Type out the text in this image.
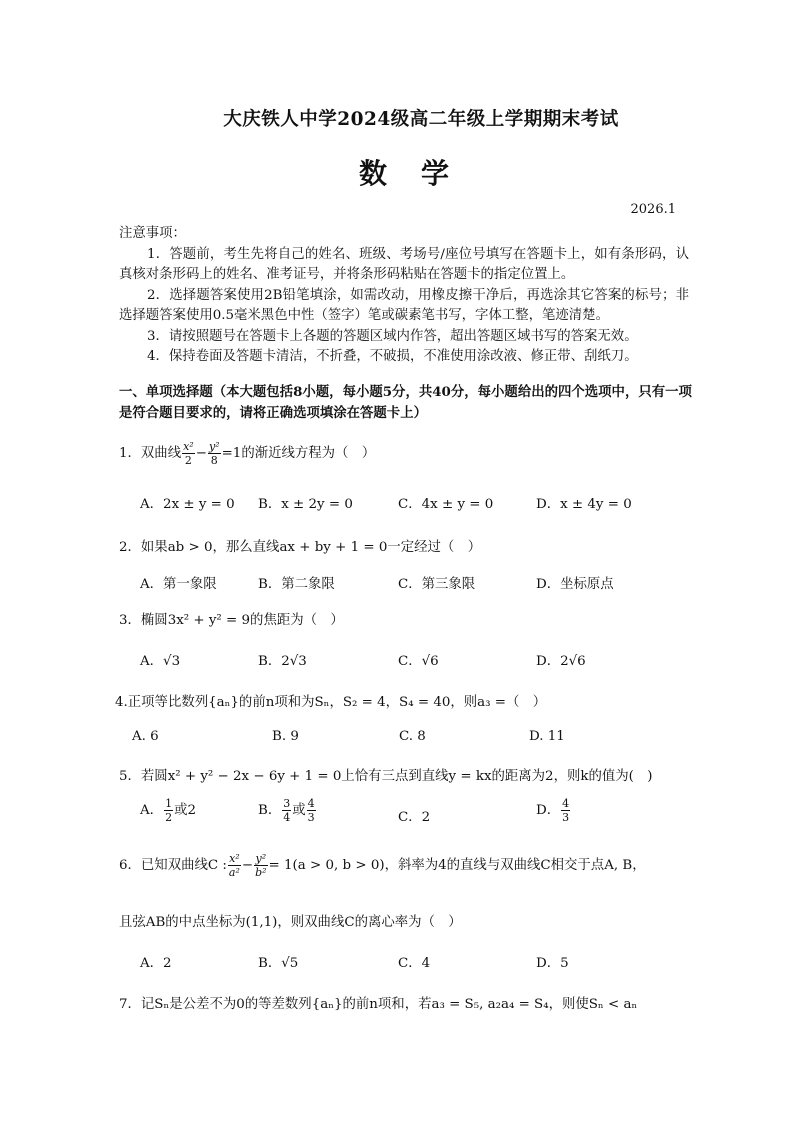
大庆铁人中学2024级高二年级上学期期末考试
数学
2026.1
注意事项：
1．答题前，考生先将自己的姓名、班级、考场号/座位号填写在答题卡上，如有条形码，认真核对条形码上的姓名、准考证号，并将条形码粘贴在答题卡的指定位置上。
2．选择题答案使用2B铅笔填涂，如需改动，用橡皮擦干净后，再选涂其它答案的标号；非选择题答案使用0.5毫米黑色中性（签字）笔或碳素笔书写，字体工整，笔迹清楚。
3．请按照题号在答题卡上各题的答题区域内作答，超出答题区域书写的答案无效。
4．保持卷面及答题卡清洁，不折叠，不破损，不准使用涂改液、修正带、刮纸刀。
一、单项选择题（本大题包括8小题，每小题5分，共40分，每小题给出的四个选项中，只有一项是符合题目要求的，请将正确选项填涂在答题卡上）
1．双曲线 $\frac{\text{x²}}{2} - \frac{\text{y²}}{8} =1$的渐近线方程为（　）
A．2x ± y = 0 B．x ± 2y = 0	C．4x ± y = 0	D．x ± 4y = 0
2．如果ab > 0，那么直线ax + by + 1 = 0一定经过（　）
A．第一象限	B．第二象限	C．第三象限	D．坐标原点
3．椭圆3x² + y² = 9的焦距为（　）
A．√3	B．2√3	C．√6	D．2√6
4.正项等比数列{aₙ}的前n项和为Sₙ，S₂ = 4，S₄ = 40，则a₃ =（　）
A. 6	B. 9	C. 8	D. 11
5．若圆x² + y² − 2x − 6y + 1 = 0上恰有三点到直线y = kx的距离为2，则k的值为(　)
A． $\frac{1}{2}$ 或2	B． $\frac{3}{4}$ 或 $\frac{4}{3}$	C．2	D． $\frac{4}{3}$
6．已知双曲线C : $\frac{\text{x²}}{\text{a²}} - \frac{\text{y²}}{\text{b²}} = 1(a > 0$, b > 0)，斜率为4的直线与双曲线C相交于点A, B，
且弦AB的中点坐标为(1,1)，则双曲线C的离心率为（　）
A．2	B．√5	C．4	D．5
7．记Sₙ是公差不为0的等差数列{aₙ}的前n项和，若a₃ = S₅, a₂a₄ = S₄，则使Sₙ < aₙ
